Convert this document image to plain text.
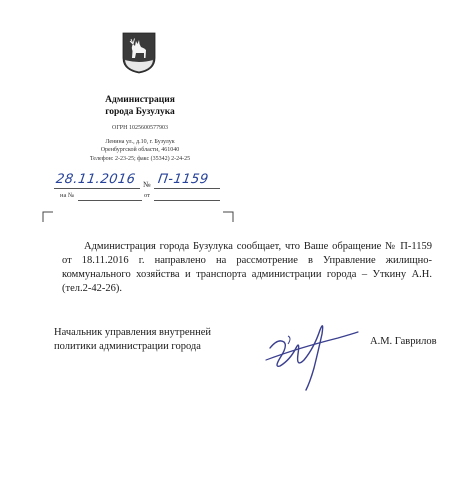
Администрация
города Бузулука
ОГРН 1025600577903
Ленина ул., д.10, г. Бузулук
Оренбургской области, 461040
Телефон: 2-23-25; факс (35342) 2-24-25
28.11.2016 № П-1159
на №	от
Администрация города Бузулука сообщает, что Ваше обращение № П-1159 от 18.11.2016 г. направлено на рассмотрение в Управление жилищно-коммунального хозяйства и транспорта администрации города – Уткину А.Н. (тел.2-42-26).
Начальник управления внутренней
политики администрации города	А.М. Гаврилов
